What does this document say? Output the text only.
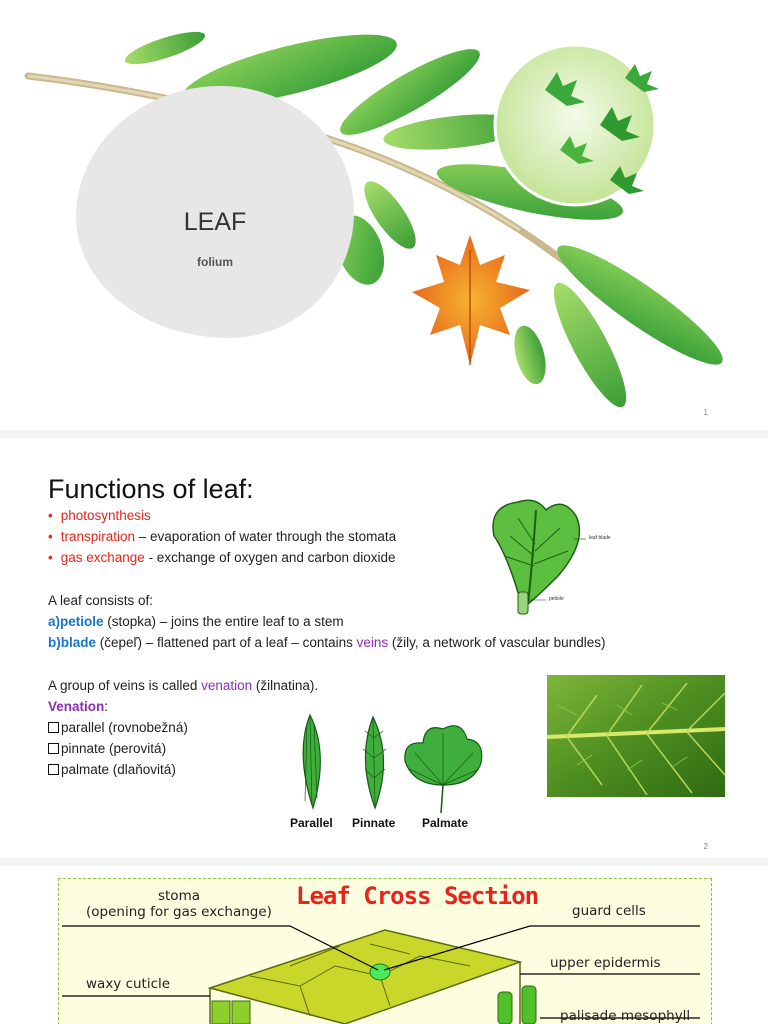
LEAF
folium
1
Functions of leaf:
• photosynthesis
• transpiration – evaporation of water through the stomata
• gas exchange - exchange of oxygen and carbon dioxide
leaf blade
petiole
A leaf consists of:
a)petiole (stopka) – joins the entire leaf to a stem
b)blade (čepeľ) – flattened part of a leaf – contains veins (žily, a network of vascular bundles)
A group of veins is called venation (žilnatina).
Venation:
parallel (rovnobežná)
pinnate (perovitá)
palmate (dlaňovitá)
Parallel Pinnate Palmate
2
Leaf Cross Section
stoma
(opening for gas exchange)	guard cells
upper epidermis
waxy cuticle
palisade mesophyll
